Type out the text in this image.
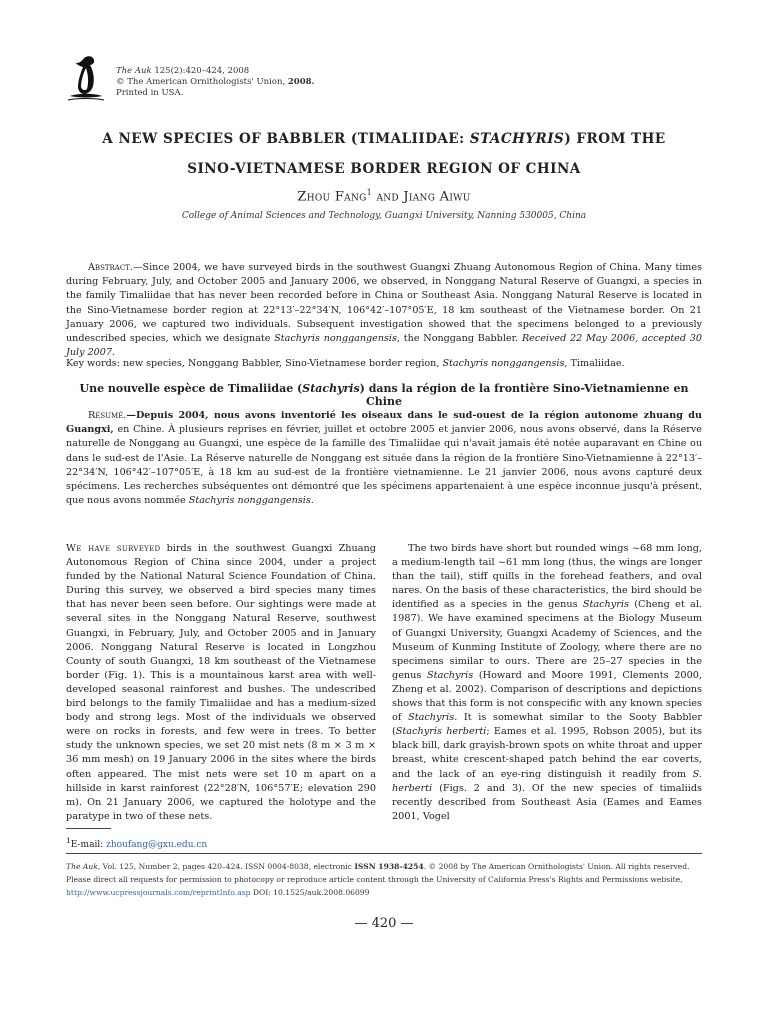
The Auk 125(2):420–424, 2008
© The American Ornithologists' Union, 2008.
Printed in USA.
A NEW SPECIES OF BABBLER (TIMALIIDAE: STACHYRIS) FROM THE
SINO-VIETNAMESE BORDER REGION OF CHINA
Zhou Fang$^1$ and Jiang Aiwu
College of Animal Sciences and Technology, Guangxi University, Nanning 530005, China
Abstract.—Since 2004, we have surveyed birds in the southwest Guangxi Zhuang Autonomous Region of China. Many times during February, July, and October 2005 and January 2006, we observed, in Nonggang Natural Reserve of Guangxi, a species in the family Timaliidae that has never been recorded before in China or Southeast Asia. Nonggang Natural Reserve is located in the Sino-Vietnamese border region at 22°13′–22°34′N, 106°42′–107°05′E, 18 km southeast of the Vietnamese border. On 21 January 2006, we captured two individuals. Subsequent investigation showed that the specimens belonged to a previously undescribed species, which we designate Stachyris nonggangensis, the Nonggang Babbler. Received 22 May 2006, accepted 30 July 2007.
Key words: new species, Nonggang Babbler, Sino-Vietnamese border region, Stachyris nonggangensis, Timaliidae.
Une nouvelle espèce de Timaliidae (Stachyris) dans la région de la frontière Sino-Vietnamienne en Chine
Résumé.—Depuis 2004, nous avons inventorié les oiseaux dans le sud-ouest de la région autonome zhuang du Guangxi, en Chine. À plusieurs reprises en février, juillet et octobre 2005 et janvier 2006, nous avons observé, dans la Réserve naturelle de Nonggang au Guangxi, une espèce de la famille des Timaliidae qui n'avait jamais été notée auparavant en Chine ou dans le sud-est de l'Asie. La Réserve naturelle de Nonggang est située dans la région de la frontière Sino-Vietnamienne à 22°13′–22°34′N, 106°42′–107°05′E, à 18 km au sud-est de la frontière vietnamienne. Le 21 janvier 2006, nous avons capturé deux spécimens. Les recherches subséquentes ont démontré que les spécimens appartenaient à une espèce inconnue jusqu'à présent, que nous avons nommée Stachyris nonggangensis.
We have surveyed birds in the southwest Guangxi Zhuang Autonomous Region of China since 2004, under a project funded by the National Natural Science Foundation of China. During this survey, we observed a bird species many times that has never been seen before. Our sightings were made at several sites in the Nonggang Natural Reserve, southwest Guangxi, in February, July, and October 2005 and in January 2006. Nonggang Natural Reserve is located in Longzhou County of south Guangxi, 18 km southeast of the Vietnamese border (Fig. 1). This is a mountainous karst area with well-developed seasonal rainforest and bushes. The undescribed bird belongs to the family Timaliidae and has a medium-sized body and strong legs. Most of the individuals we observed were on rocks in forests, and few were in trees. To better study the unknown species, we set 20 mist nets (8 m × 3 m × 36 mm mesh) on 19 January 2006 in the sites where the birds often appeared. The mist nets were set 10 m apart on a hillside in karst rainforest (22°28′N, 106°57′E; elevation 290 m). On 21 January 2006, we captured the holotype and the paratype in two of these nets.
The two birds have short but rounded wings ~68 mm long, a medium-length tail ~61 mm long (thus, the wings are longer than the tail), stiff quills in the forehead feathers, and oval nares. On the basis of these characteristics, the bird should be identified as a species in the genus Stachyris (Cheng et al. 1987). We have examined specimens at the Biology Museum of Guangxi University, Guangxi Academy of Sciences, and the Museum of Kunming Institute of Zoology, where there are no specimens similar to ours. There are 25–27 species in the genus Stachyris (Howard and Moore 1991, Clements 2000, Zheng et al. 2002). Comparison of descriptions and depictions shows that this form is not conspecific with any known species of Stachyris. It is somewhat similar to the Sooty Babbler (Stachyris herberti; Eames et al. 1995, Robson 2005), but its black bill, dark grayish-brown spots on white throat and upper breast, white crescent-shaped patch behind the ear coverts, and the lack of an eye-ring distinguish it readily from S. herberti (Figs. 2 and 3). Of the new species of timaliids recently described from Southeast Asia (Eames and Eames 2001, Vogel
$^1$E-mail: zhoufang@gxu.edu.cn
The Auk, Vol. 125, Number 2, pages 420–424. ISSN 0004-8038, electronic ISSN 1938-4254. © 2008 by The American Ornithologists' Union. All rights reserved. Please direct all requests for permission to photocopy or reproduce article content through the University of California Press's Rights and Permissions website, http://www.ucpressjournals.com/reprintInfo.asp DOI: 10.1525/auk.2008.06099
— 420 —
